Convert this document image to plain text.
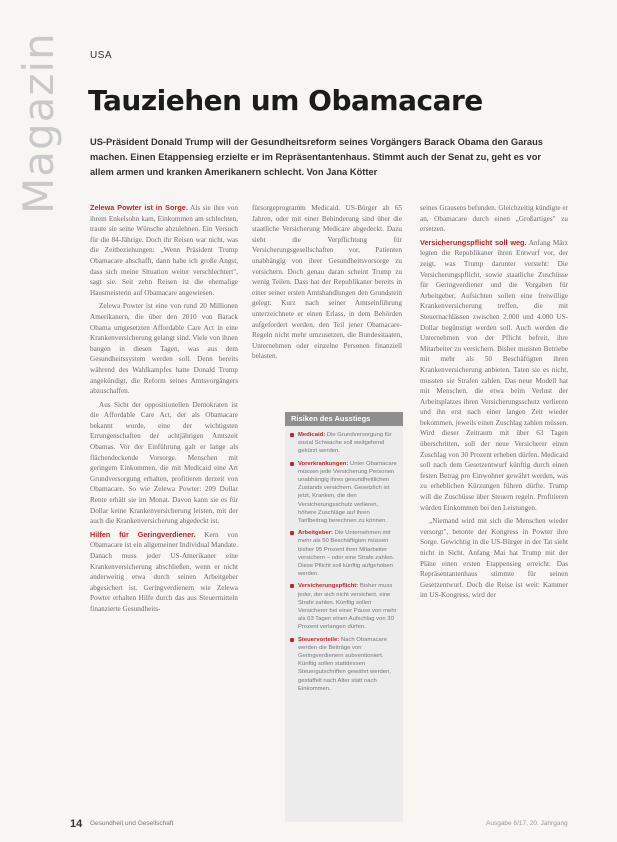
Magazin	USA
Tauziehen um Obamacare
US-Präsident Donald Trump will der Gesundheitsreform seines Vorgängers Barack Obama den Garaus machen. Einen Etappensieg erzielte er im Repräsentantenhaus. Stimmt auch der Senat zu, geht es vor allem armen und kranken Amerikanern schlecht. Von Jana Kötter

Zelewa Powter ist in Sorge. Als sie ihre von ihrem Enkelsohn kam, Einkommen am schlechten, traute sie seine Wünsche abzulehnen. Ein Versuch für die 84-Jährige. Doch ihr Reisen war nicht, was die Zeitbeziehungen: „Wenn Präsident Trump Obamacare abschafft, dann habe ich große Angst, dass sich meine Situation weiter verschlechtert", sagt sie. Seit zehn Reisen ist die ehemalige Hausmeisterin auf Obamacare angewiesen.

Zelewa Powter ist eine von rund 20 Millionen Amerikanern, die über den 2010 von Barack Obama umgesetzten Affordable Care Act in eine Krankenversicherung gelangt sind. Viele von ihnen bangen in diesen Tagen, was aus dem Gesundheitssystem werden soll. Denn bereits während des Wahlkampfes hatte Donald Trump angekündigt, die Reform seines Amtsvorgängers abzuschaffen.

Aus Sicht der oppositionellen Demokraten ist die Affordable Care Act, der als Obamacare bekannt wurde, eine der wichtigsten Errungenschaften der achtjährigen Amtszeit Obamas. Vor der Einführung galt er lange als flächendeckende Vorsorge. Menschen mit geringem Einkommen, die mit Medicaid eine Art Grundversorgung erhalten, profitieren derzeit von Obamacare. So wie Zelewa Powter: 209 Dollar Rente erhält sie im Monat. Davon kann sie es für Dollar keine Krankenversicherung leisten, mit der auch die Krankenversicherung abgedeckt ist.

Hilfen für Geringverdiener. Kern von Obamacare ist ein allgemeiner Individual Mandate. Danach muss jeder US-Amerikaner eine Krankenversicherung abschließen, wenn er nicht anderweitig etwa durch seinen Arbeitgeber abgesichert ist. Geringverdienern wie Zelewa Powter erhalten Hilfe durch das aus Steuermitteln finanzierte Gesundheits-

fürsorgeprogramm Medicaid. US-Bürger ab 65 Jahren, oder mit einer Behinderung sind über die staatliche Versicherung Medicare abgedeckt. Dazu sieht die Verpflichtung für Versicherungsgesellschaften vor, Patienten unabhängig von ihrer Gesundheitsvorsorge zu versichern. Doch genau daran scheint Trump zu wenig Teilen. Dass hat der Republikaner bereits in einer seiner ersten Amtshandlungen den Grundstein gelegt: Kurz nach seiner Amtseinführung unterzeichnete er einen Erlass, in dem Behörden aufgefordert werden, den Teil jener Obamacare-Regeln nicht mehr umzusetzen, die Bundesstaaten, Unternehmen oder einzelne Personen finanziell belasten.

Risiken des Ausstiegs
Medicaid: Die Grundversorgung für sozial Schwache soll weitgehend gekürzt werden.
Vorerkrankungen: Unter Obamacare müssen jede Versicherung Personen unabhängig ihres gesundheitlichen Zustands versichern. Gesetzlich ist jetzt, Kranken, die den Versicherungsschutz verlieren, höhere Zuschläge auf ihren Tarifbeitrag berechnen zu können.
Arbeitgeber: Die Unternehmen mit mehr als 50 Beschäftigten müssen bisher 95 Prozent ihrer Mitarbeiter versichern – oder eine Strafe zahlen. Diese Pflicht soll künftig aufgehoben werden.
Versicherungspflicht: Bisher muss jeder, der sich nicht versichert, eine Strafe zahlen. Künftig sollen Versicherer bei einer Pause von mehr als 63 Tagen einen Aufschlag von 30 Prozent verlangen dürfen.
Steuervorteile: Nach Obamacare werden die Beiträge von Geringverdienern subventioniert. Künftig sollen stattdessen Steuergutschriften gewährt werden, gestaffelt nach Alter statt nach Einkommen.

seines Grausens befunden. Gleichzeitig kündigte er an, Obamacare durch einen „Großartiges" zu ersetzen.

Versicherungspflicht soll weg. Anfang März legten die Republikaner ihren Entwurf vor, der zeigt, was Trump darunter versteht: Die Versicherungspflicht, sowie staatliche Zuschüsse für Geringverdiener und die Vorgaben für Arbeitgeber, Aufsichten sollen eine freiwillige Krankenversicherung treffen, die mit Steuernachlässen zwischen 2.000 und 4.000 US-Dollar begünstigt werden soll. Auch werden die Unternehmen von der Pflicht befreit, ihre Mitarbeiter zu versichern. Bisher mussten Betriebe mit mehr als 50 Beschäftigten ihren Krankenversicherung anbieten. Taten sie es nicht, mussten sie Strafen zahlen. Das neue Modell hat mit Menschen, die etwa beim Verlust der Arbeitsplatzes ihren Versicherungsschutz verlieren und ihn erst nach einer langen Zeit wieder bekommen, jeweils einen Zuschlag zahlen müssen. Wird dieser Zeitraum mit über 63 Tagen überschritten, soll der neue Versicherer einen Zuschlag von 30 Prozent erheben dürfen. Medicaid soll nach dem Gesetzentwurf künftig durch einen festen Betrag pro Einwohner gewährt werden, was zu erheblichen Kürzungen führen dürfte. Trump will die Zuschüsse über Steuern regeln. Profitieren würden Einkommen bei den Leistungen.

„Niemand wird mit sich die Menschen wieder versorgt", betonte der Kongress in Powter ihre Sorge. Gewichtig in die US-Bürger in der Tat sieht nicht in Sicht. Anfang Mai hat Trump mit der Pläne einen ersten Etappensieg erreicht: Das Repräsentantenhaus stimmte für seinen Gesetzentwurf. Doch die Reise ist weit: Kammer im US-Kongress, wird der

14 Gesundheit und Gesellschaft	Ausgabe 6/17, 20. Jahrgang
